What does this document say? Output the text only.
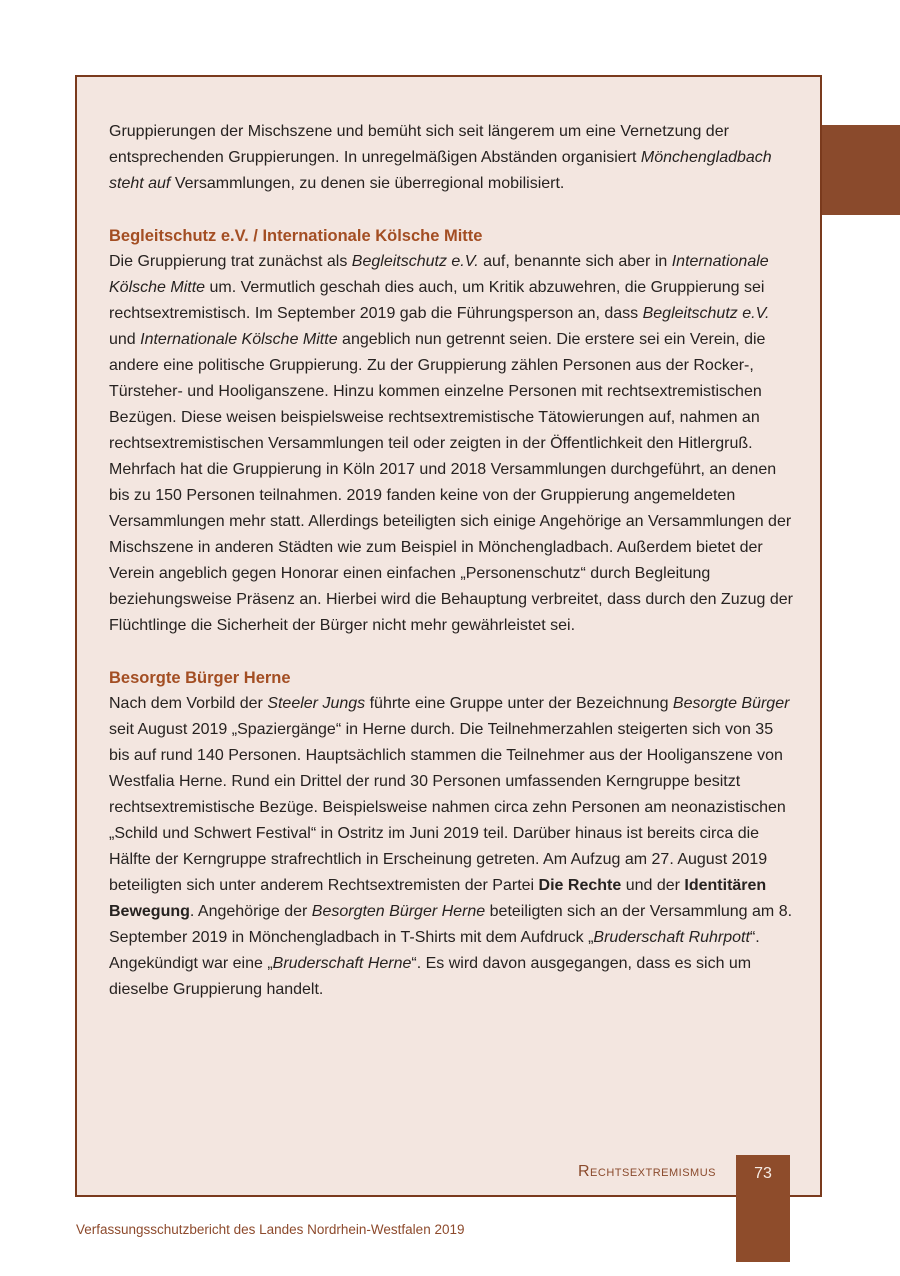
Gruppierungen der Mischszene und bemüht sich seit längerem um eine Vernetzung der entsprechenden Gruppierungen. In unregelmäßigen Abständen organisiert Mönchengladbach steht auf Versammlungen, zu denen sie überregional mobilisiert.

Begleitschutz e.V. / Internationale Kölsche Mitte

Die Gruppierung trat zunächst als Begleitschutz e.V. auf, benannte sich aber in Internationale Kölsche Mitte um. Vermutlich geschah dies auch, um Kritik abzuwehren, die Gruppierung sei rechtsextremistisch. Im September 2019 gab die Führungsperson an, dass Begleitschutz e.V. und Internationale Kölsche Mitte angeblich nun getrennt seien. Die erstere sei ein Verein, die andere eine politische Gruppierung. Zu der Gruppierung zählen Personen aus der Rocker-, Türsteher- und Hooliganszene. Hinzu kommen einzelne Personen mit rechtsextremistischen Bezügen. Diese weisen beispielsweise rechtsextremistische Tätowierungen auf, nahmen an rechtsextremistischen Versammlungen teil oder zeigten in der Öffentlichkeit den Hitlergruß. Mehrfach hat die Gruppierung in Köln 2017 und 2018 Versammlungen durchgeführt, an denen bis zu 150 Personen teilnahmen. 2019 fanden keine von der Gruppierung angemeldeten Versammlungen mehr statt. Allerdings beteiligten sich einige Angehörige an Versammlungen der Mischszene in anderen Städten wie zum Beispiel in Mönchengladbach. Außerdem bietet der Verein angeblich gegen Honorar einen einfachen „Personenschutz“ durch Begleitung beziehungsweise Präsenz an. Hierbei wird die Behauptung verbreitet, dass durch den Zuzug der Flüchtlinge die Sicherheit der Bürger nicht mehr gewährleistet sei.

Besorgte Bürger Herne

Nach dem Vorbild der Steeler Jungs führte eine Gruppe unter der Bezeichnung Besorgte Bürger seit August 2019 „Spaziergänge“ in Herne durch. Die Teilnehmerzahlen steigerten sich von 35 bis auf rund 140 Personen. Hauptsächlich stammen die Teilnehmer aus der Hooliganszene von Westfalia Herne. Rund ein Drittel der rund 30 Personen umfassenden Kerngruppe besitzt rechtsextremistische Bezüge. Beispielsweise nahmen circa zehn Personen am neonazistischen „Schild und Schwert Festival“ in Ostritz im Juni 2019 teil. Darüber hinaus ist bereits circa die Hälfte der Kerngruppe strafrechtlich in Erscheinung getreten. Am Aufzug am 27. August 2019 beteiligten sich unter anderem Rechtsextremisten der Partei Die Rechte und der Identitären Bewegung. Angehörige der Besorgten Bürger Herne beteiligten sich an der Versammlung am 8. September 2019 in Mönchengladbach in T-Shirts mit dem Aufdruck „Bruderschaft Ruhrpott“. Angekündigt war eine „Bruderschaft Herne“. Es wird davon ausgegangen, dass es sich um dieselbe Gruppierung handelt.

Rechtsextremismus	73
Verfassungsschutzbericht des Landes Nordrhein-Westfalen 2019
